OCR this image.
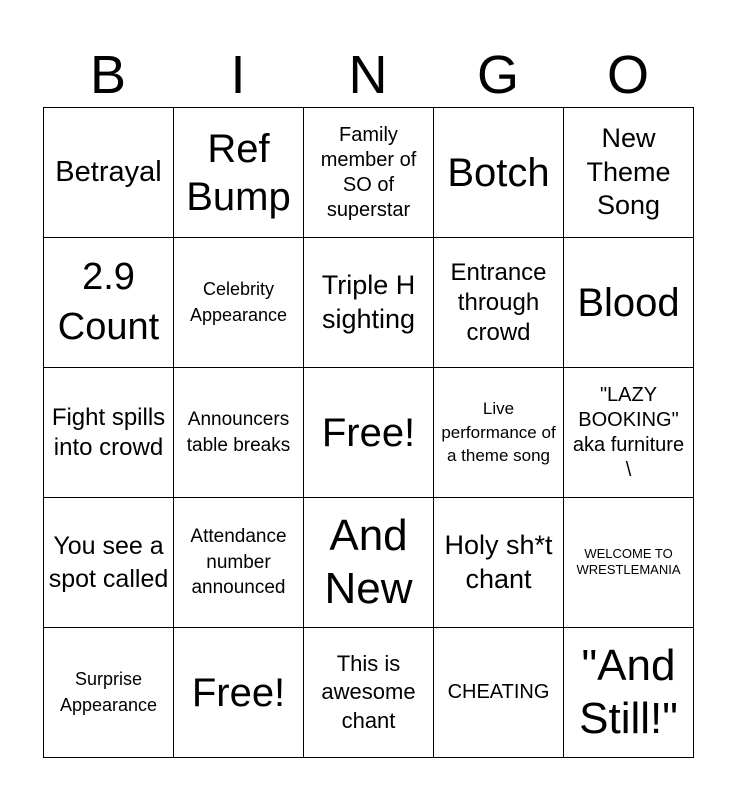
B	I	N	G	O
Betrayal	Ref Bump	Family member of SO of superstar	Botch	New Theme Song
2.9 Count	Celebrity Appearance	Triple H sighting	Entrance through crowd	Blood
Fight spills into crowd	Announcers table breaks	Free!	Live performance of a theme song	"LAZY BOOKING" aka furniture \
You see a spot called	Attendance number announced	And New	Holy sh*t chant	WELCOME TO WRESTLEMANIA
Surprise Appearance	Free!	This is awesome chant	CHEATING	"And Still!"
